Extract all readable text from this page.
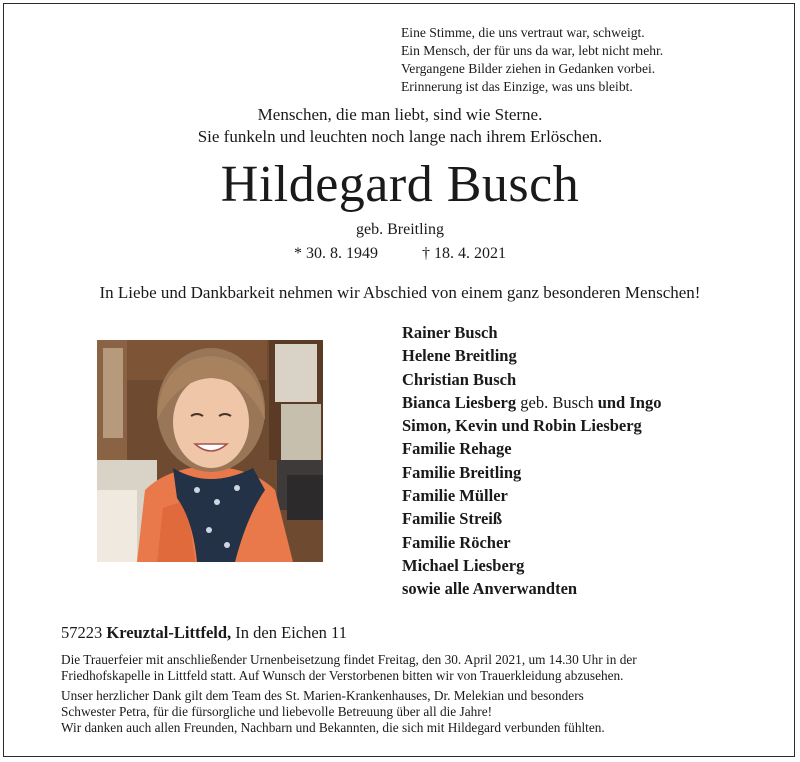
Eine Stimme, die uns vertraut war, schweigt.
Ein Mensch, der für uns da war, lebt nicht mehr.
Vergangene Bilder ziehen in Gedanken vorbei.
Erinnerung ist das Einzige, was uns bleibt.
Menschen, die man liebt, sind wie Sterne.
Sie funkeln und leuchten noch lange nach ihrem Erlöschen.
Hildegard Busch
geb. Breitling
* 30. 8. 1949	† 18. 4. 2021
In Liebe und Dankbarkeit nehmen wir Abschied von einem ganz besonderen Menschen!
Rainer Busch
Helene Breitling
Christian Busch
Bianca Liesberg geb. Busch und Ingo
Simon, Kevin und Robin Liesberg
Familie Rehage
Familie Breitling
Familie Müller
Familie Streiß
Familie Röcher
Michael Liesberg
sowie alle Anverwandten
57223 Kreuztal-Littfeld, In den Eichen 11
Die Trauerfeier mit anschließender Urnenbeisetzung findet Freitag, den 30. April 2021, um 14.30 Uhr in der
Friedhofskapelle in Littfeld statt. Auf Wunsch der Verstorbenen bitten wir von Trauerkleidung abzusehen.
Unser herzlicher Dank gilt dem Team des St. Marien-Krankenhauses, Dr. Melekian und besonders
Schwester Petra, für die fürsorgliche und liebevolle Betreuung über all die Jahre!
Wir danken auch allen Freunden, Nachbarn und Bekannten, die sich mit Hildegard verbunden fühlten.
